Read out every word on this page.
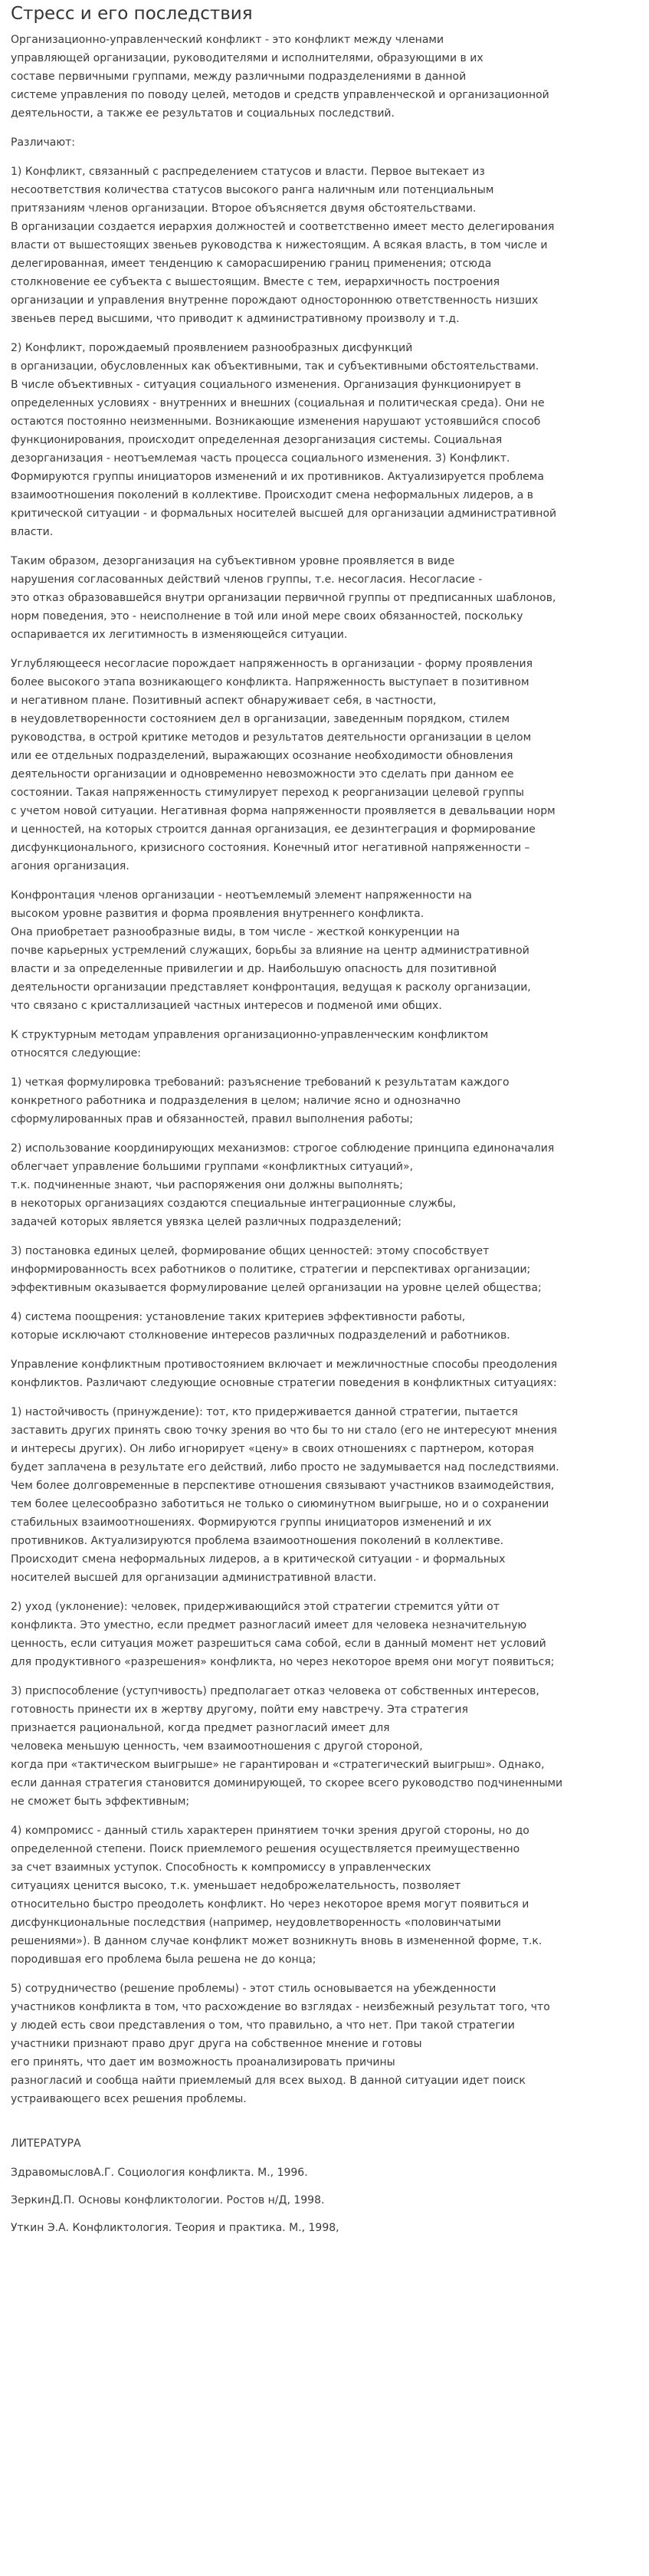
Стресс и его последствия

Организационно-управленческий конфликт - это конфликт между членами
управляющей организации, руководителями и исполнителями, образующими в их
составе первичными группами, между различными подразделениями в данной
системе управления по поводу целей, методов и средств управленческой и организационной
деятельности, а также ее результатов и социальных последствий.

Различают:

1) Конфликт, связанный с распределением статусов и власти. Первое вытекает из
несоответствия количества статусов высокого ранга наличным или потенциальным
притязаниям членов организации. Второе объясняется двумя обстоятельствами.
В организации создается иерархия должностей и соответственно имеет место делегирования
власти от вышестоящих звеньев руководства к нижестоящим. А всякая власть, в том числе и
делегированная, имеет тенденцию к саморасширению границ применения; отсюда
столкновение ее субъекта с вышестоящим. Вместе с тем, иерархичность построения
организации и управления внутренне порождают одностороннюю ответственность низших
звеньев перед высшими, что приводит к административному произволу и т.д.

2) Конфликт, порождаемый проявлением разнообразных дисфункций
в организации, обусловленных как объективными, так и субъективными обстоятельствами.
В числе объективных - ситуация социального изменения. Организация функционирует в
определенных условиях - внутренних и внешних (социальная и политическая среда). Они не
остаются постоянно неизменными. Возникающие изменения нарушают устоявшийся способ
функционирования, происходит определенная дезорганизация системы. Социальная
дезорганизация - неотъемлемая часть процесса социального изменения. 3) Конфликт.
Формируются группы инициаторов изменений и их противников. Актуализируется проблема
взаимоотношения поколений в коллективе. Происходит смена неформальных лидеров, а в
критической ситуации - и формальных носителей высшей для организации административной
власти.

Таким образом, дезорганизация на субъективном уровне проявляется в виде
нарушения согласованных действий членов группы, т.е. несогласия. Несогласие -
это отказ образовавшейся внутри организации первичной группы от предписанных шаблонов,
норм поведения, это - неисполнение в той или иной мере своих обязанностей, поскольку
оспаривается их легитимность в изменяющейся ситуации.

Углубляющееся несогласие порождает напряженность в организации - форму проявления
более высокого этапа возникающего конфликта. Напряженность выступает в позитивном
и негативном плане. Позитивный аспект обнаруживает себя, в частности,
в неудовлетворенности состоянием дел в организации, заведенным порядком, стилем
руководства, в острой критике методов и результатов деятельности организации в целом
или ее отдельных подразделений, выражающих осознание необходимости обновления
деятельности организации и одновременно невозможности это сделать при данном ее
состоянии. Такая напряженность стимулирует переход к реорганизации целевой группы
с учетом новой ситуации. Негативная форма напряженности проявляется в девальвации норм
и ценностей, на которых строится данная организация, ее дезинтеграция и формирование
дисфункционального, кризисного состояния. Конечный итог негативной напряженности –
агония организация.

Конфронтация членов организации - неотъемлемый элемент напряженности на
высоком уровне развития и форма проявления внутреннего конфликта.
Она приобретает разнообразные виды, в том числе - жесткой конкуренции на
почве карьерных устремлений служащих, борьбы за влияние на центр административной
власти и за определенные привилегии и др. Наибольшую опасность для позитивной
деятельности организации представляет конфронтация, ведущая к расколу организации,
что связано с кристаллизацией частных интересов и подменой ими общих.

К структурным методам управления организационно-управленческим конфликтом
относятся следующие:

1) четкая формулировка требований: разъяснение требований к результатам каждого
конкретного работника и подразделения в целом; наличие ясно и однозначно
сформулированных прав и обязанностей, правил выполнения работы;

2) использование координирующих механизмов: строгое соблюдение принципа единоначалия
облегчает управление большими группами «конфликтных ситуаций»,
т.к. подчиненные знают, чьи распоряжения они должны выполнять;
в некоторых организациях создаются специальные интеграционные службы,
задачей которых является увязка целей различных подразделений;

3) постановка единых целей, формирование общих ценностей: этому способствует
информированность всех работников о политике, стратегии и перспективах организации;
эффективным оказывается формулирование целей организации на уровне целей общества;

4) система поощрения: установление таких критериев эффективности работы,
которые исключают столкновение интересов различных подразделений и работников.

Управление конфликтным противостоянием включает и межличностные способы преодоления
конфликтов. Различают следующие основные стратегии поведения в конфликтных ситуациях:

1) настойчивость (принуждение): тот, кто придерживается данной стратегии, пытается
заставить других принять свою точку зрения во что бы то ни стало (его не интересуют мнения
и интересы других). Он либо игнорирует «цену» в своих отношениях с партнером, которая
будет заплачена в результате его действий, либо просто не задумывается над последствиями.
Чем более долговременные в перспективе отношения связывают участников взаимодействия,
тем более целесообразно заботиться не только о сиюминутном выигрыше, но и о сохранении
стабильных взаимоотношениях. Формируются группы инициаторов изменений и их
противников. Актуализируются проблема взаимоотношения поколений в коллективе.
Происходит смена неформальных лидеров, а в критической ситуации - и формальных
носителей высшей для организации административной власти.

2) уход (уклонение): человек, придерживающийся этой стратегии стремится уйти от
конфликта. Это уместно, если предмет разногласий имеет для человека незначительную
ценность, если ситуация может разрешиться сама собой, если в данный момент нет условий
для продуктивного «разрешения» конфликта, но через некоторое время они могут появиться;

3) приспособление (уступчивость) предполагает отказ человека от собственных интересов,
готовность принести их в жертву другому, пойти ему навстречу. Эта стратегия
признается рациональной, когда предмет разногласий имеет для
человека меньшую ценность, чем взаимоотношения с другой стороной,
когда при «тактическом выигрыше» не гарантирован и «стратегический выигрыш». Однако,
если данная стратегия становится доминирующей, то скорее всего руководство подчиненными
не сможет быть эффективным;

4) компромисс - данный стиль характерен принятием точки зрения другой стороны, но до
определенной степени. Поиск приемлемого решения осуществляется преимущественно
за счет взаимных уступок. Способность к компромиссу в управленческих
ситуациях ценится высоко, т.к. уменьшает недоброжелательность, позволяет
относительно быстро преодолеть конфликт. Но через некоторое время могут появиться и
дисфункциональные последствия (например, неудовлетворенность «половинчатыми
решениями»). В данном случае конфликт может возникнуть вновь в измененной форме, т.к.
породившая его проблема была решена не до конца;

5) сотрудничество (решение проблемы) - этот стиль основывается на убежденности
участников конфликта в том, что расхождение во взглядах - неизбежный результат того, что
у людей есть свои представления о том, что правильно, а что нет. При такой стратегии
участники признают право друг друга на собственное мнение и готовы
его принять, что дает им возможность проанализировать причины
разногласий и сообща найти приемлемый для всех выход. В данной ситуации идет поиск
устраивающего всех решения проблемы.

ЛИТЕРАТУРА

ЗдравомысловА.Г. Социология конфликта. М., 1996.

ЗеркинД.П. Основы конфликтологии. Ростов н/Д, 1998.

Уткин Э.А. Конфликтология. Теория и практика. М., 1998,
